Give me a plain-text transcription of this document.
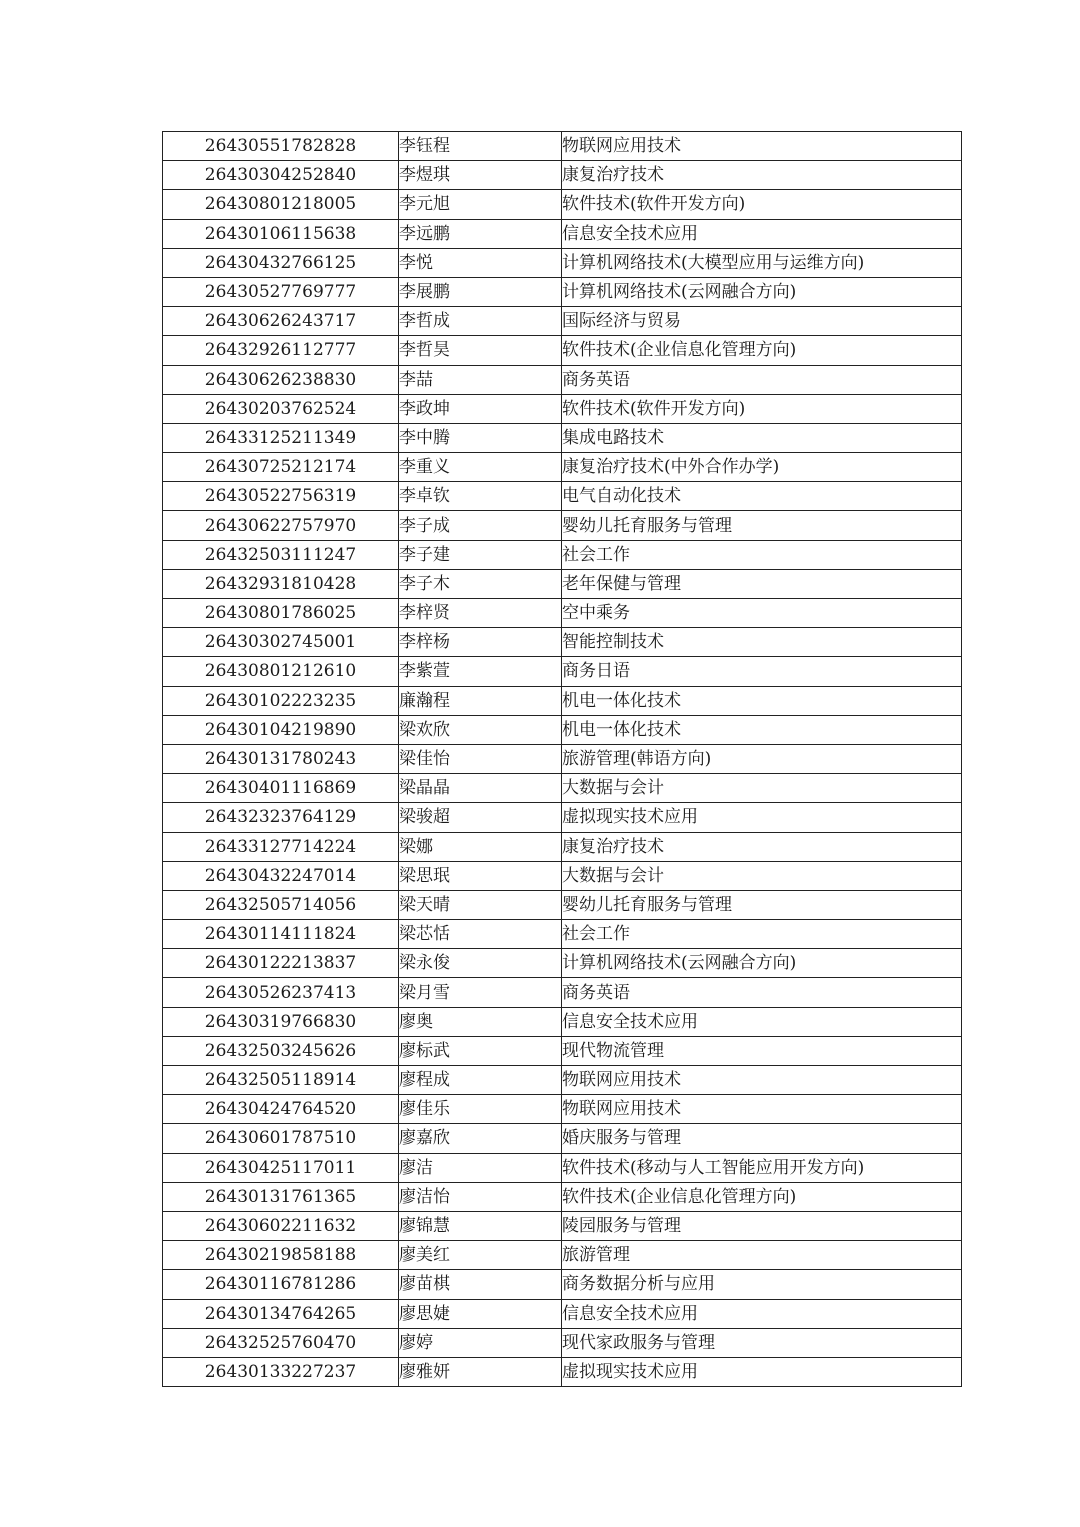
26430551782828	李钰程	物联网应用技术
26430304252840	李煜琪	康复治疗技术
26430801218005	李元旭	软件技术(软件开发方向)
26430106115638	李远鹏	信息安全技术应用
26430432766125	李悦	计算机网络技术(大模型应用与运维方向)
26430527769777	李展鹏	计算机网络技术(云网融合方向)
26430626243717	李哲成	国际经济与贸易
26432926112777	李哲昊	软件技术(企业信息化管理方向)
26430626238830	李喆	商务英语
26430203762524	李政坤	软件技术(软件开发方向)
26433125211349	李中腾	集成电路技术
26430725212174	李重义	康复治疗技术(中外合作办学)
26430522756319	李卓钦	电气自动化技术
26430622757970	李子成	婴幼儿托育服务与管理
26432503111247	李子建	社会工作
26432931810428	李子木	老年保健与管理
26430801786025	李梓贤	空中乘务
26430302745001	李梓杨	智能控制技术
26430801212610	李紫萱	商务日语
26430102223235	廉瀚程	机电一体化技术
26430104219890	梁欢欣	机电一体化技术
26430131780243	梁佳怡	旅游管理(韩语方向)
26430401116869	梁晶晶	大数据与会计
26432323764129	梁骏超	虚拟现实技术应用
26433127714224	梁娜	康复治疗技术
26430432247014	梁思珉	大数据与会计
26432505714056	梁天晴	婴幼儿托育服务与管理
26430114111824	梁芯恬	社会工作
26430122213837	梁永俊	计算机网络技术(云网融合方向)
26430526237413	梁月雪	商务英语
26430319766830	廖奥	信息安全技术应用
26432503245626	廖标武	现代物流管理
26432505118914	廖程成	物联网应用技术
26430424764520	廖佳乐	物联网应用技术
26430601787510	廖嘉欣	婚庆服务与管理
26430425117011	廖洁	软件技术(移动与人工智能应用开发方向)
26430131761365	廖洁怡	软件技术(企业信息化管理方向)
26430602211632	廖锦慧	陵园服务与管理
26430219858188	廖美红	旅游管理
26430116781286	廖苗棋	商务数据分析与应用
26430134764265	廖思婕	信息安全技术应用
26432525760470	廖婷	现代家政服务与管理
26430133227237	廖雅妍	虚拟现实技术应用
